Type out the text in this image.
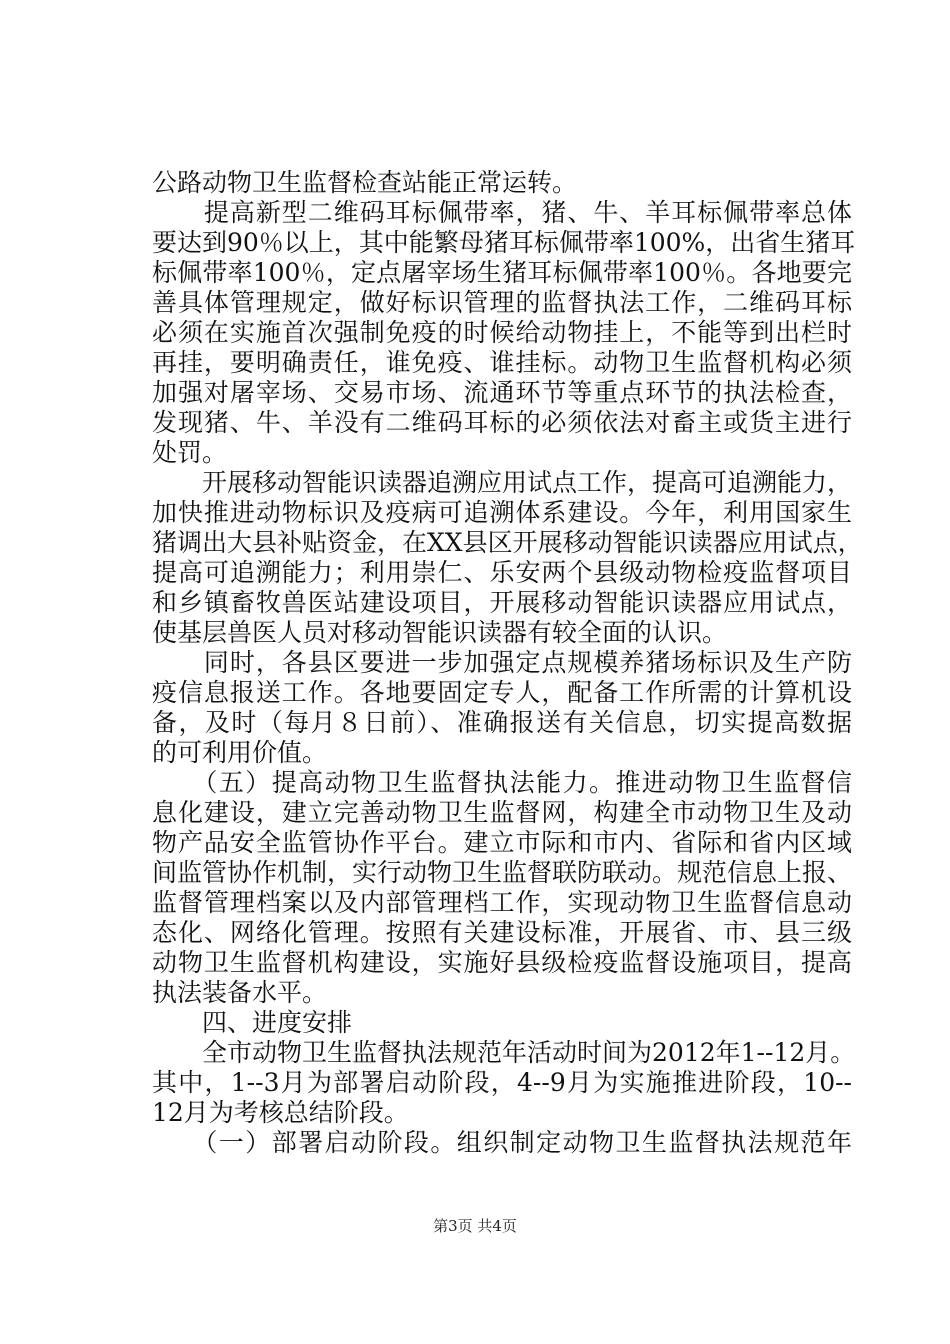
公路动物卫生监督检查站能正常运转。
　　提高新型二维码耳标佩带率，猪、牛、羊耳标佩带率总体
要达到90％以上，其中能繁母猪耳标佩带率100%，出省生猪耳
标佩带率100％，定点屠宰场生猪耳标佩带率100％。各地要完
善具体管理规定，做好标识管理的监督执法工作，二维码耳标
必须在实施首次强制免疫的时候给动物挂上，不能等到出栏时
再挂，要明确责任，谁免疫、谁挂标。动物卫生监督机构必须
加强对屠宰场、交易市场、流通环节等重点环节的执法检查，
发现猪、牛、羊没有二维码耳标的必须依法对畜主或货主进行
处罚。
　　开展移动智能识读器追溯应用试点工作，提高可追溯能力，
加快推进动物标识及疫病可追溯体系建设。今年，利用国家生
猪调出大县补贴资金，在XX县区开展移动智能识读器应用试点，
提高可追溯能力；利用崇仁、乐安两个县级动物检疫监督项目
和乡镇畜牧兽医站建设项目，开展移动智能识读器应用试点，
使基层兽医人员对移动智能识读器有较全面的认识。
　　同时，各县区要进一步加强定点规模养猪场标识及生产防
疫信息报送工作。各地要固定专人，配备工作所需的计算机设
备，及时（每月８日前）、准确报送有关信息，切实提高数据
的可利用价值。
　　（五）提高动物卫生监督执法能力。推进动物卫生监督信
息化建设，建立完善动物卫生监督网，构建全市动物卫生及动
物产品安全监管协作平台。建立市际和市内、省际和省内区域
间监管协作机制，实行动物卫生监督联防联动。规范信息上报、
监督管理档案以及内部管理档工作，实现动物卫生监督信息动
态化、网络化管理。按照有关建设标准，开展省、市、县三级
动物卫生监督机构建设，实施好县级检疫监督设施项目，提高
执法装备水平。
　　四、进度安排
　　全市动物卫生监督执法规范年活动时间为2012年1--12月。
其中，1--3月为部署启动阶段，4--9月为实施推进阶段，10--
12月为考核总结阶段。
　　（一）部署启动阶段。组织制定动物卫生监督执法规范年
第3页 共4页
